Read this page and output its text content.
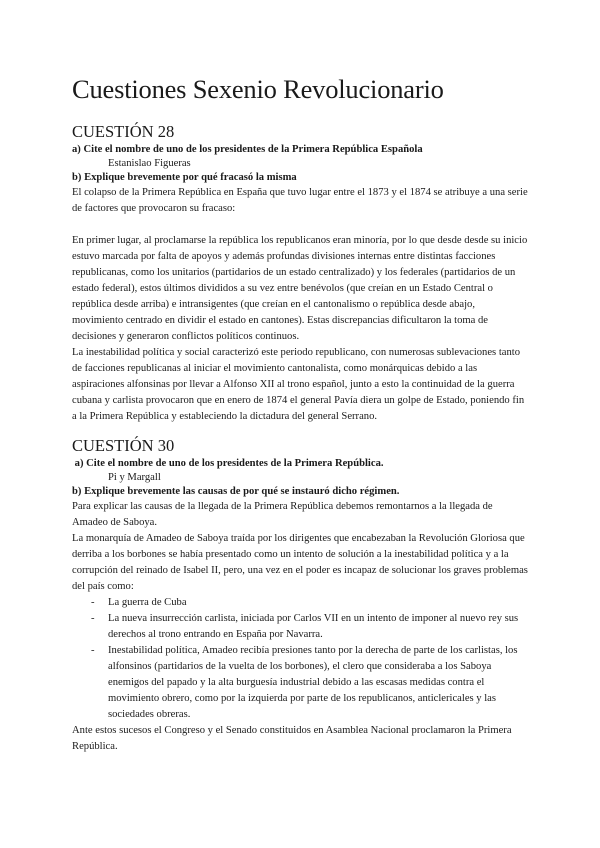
Cuestiones Sexenio Revolucionario
CUESTIÓN 28

a) Cite el nombre de uno de los presidentes de la Primera República Española

Estanislao Figueras

b) Explique brevemente por qué fracasó la misma

El colapso de la Primera República en España que tuvo lugar entre el 1873 y el 1874 se atribuye a una serie de factores que provocaron su fracaso:

En primer lugar, al proclamarse la república los republicanos eran minoría, por lo que desde desde su inicio estuvo marcada por falta de apoyos y además profundas divisiones internas entre distintas facciones republicanas, como los unitarios (partidarios de un estado centralizado) y los federales (partidarios de un estado federal), estos últimos divididos a su vez entre benévolos (que creían en un Estado Central o república desde arriba) e intransigentes (que creían en el cantonalismo o república desde abajo, movimiento centrado en dividir el estado en cantones). Estas discrepancias dificultaron la toma de decisiones y generaron conflictos políticos continuos.

La inestabilidad política y social caracterizó este periodo republicano, con numerosas sublevaciones tanto de facciones republicanas al iniciar el movimiento cantonalista, como monárquicas debido a las aspiraciones alfonsinas por llevar a Alfonso XII al trono español, junto a esto la continuidad de la guerra cubana y carlista provocaron que en enero de 1874 el general Pavía diera un golpe de Estado, poniendo fin a la Primera República y estableciendo la dictadura del general Serrano.

CUESTIÓN 30

a) Cite el nombre de uno de los presidentes de la Primera República.

Pi y Margall

b) Explique brevemente las causas de por qué se instauró dicho régimen.

Para explicar las causas de la llegada de la Primera República debemos remontarnos a la llegada de Amadeo de Saboya.

La monarquía de Amadeo de Saboya traída por los dirigentes que encabezaban la Revolución Gloriosa que derriba a los borbones se había presentado como un intento de solución a la inestabilidad política y a la corrupción del reinado de Isabel II, pero, una vez en el poder es incapaz de solucionar los graves problemas del país como:

- La guerra de Cuba
- La nueva insurrección carlista, iniciada por Carlos VII en un intento de imponer al nuevo rey sus derechos al trono entrando en España por Navarra.
- Inestabilidad política, Amadeo recibía presiones tanto por la derecha de parte de los carlistas, los alfonsinos (partidarios de la vuelta de los borbones), el clero que consideraba a los Saboya enemigos del papado y la alta burguesía industrial debido a las escasas medidas contra el movimiento obrero, como por la izquierda por parte de los republicanos, anticlericales y las sociedades obreras.

Ante estos sucesos el Congreso y el Senado constituidos en Asamblea Nacional proclamaron la Primera República.
